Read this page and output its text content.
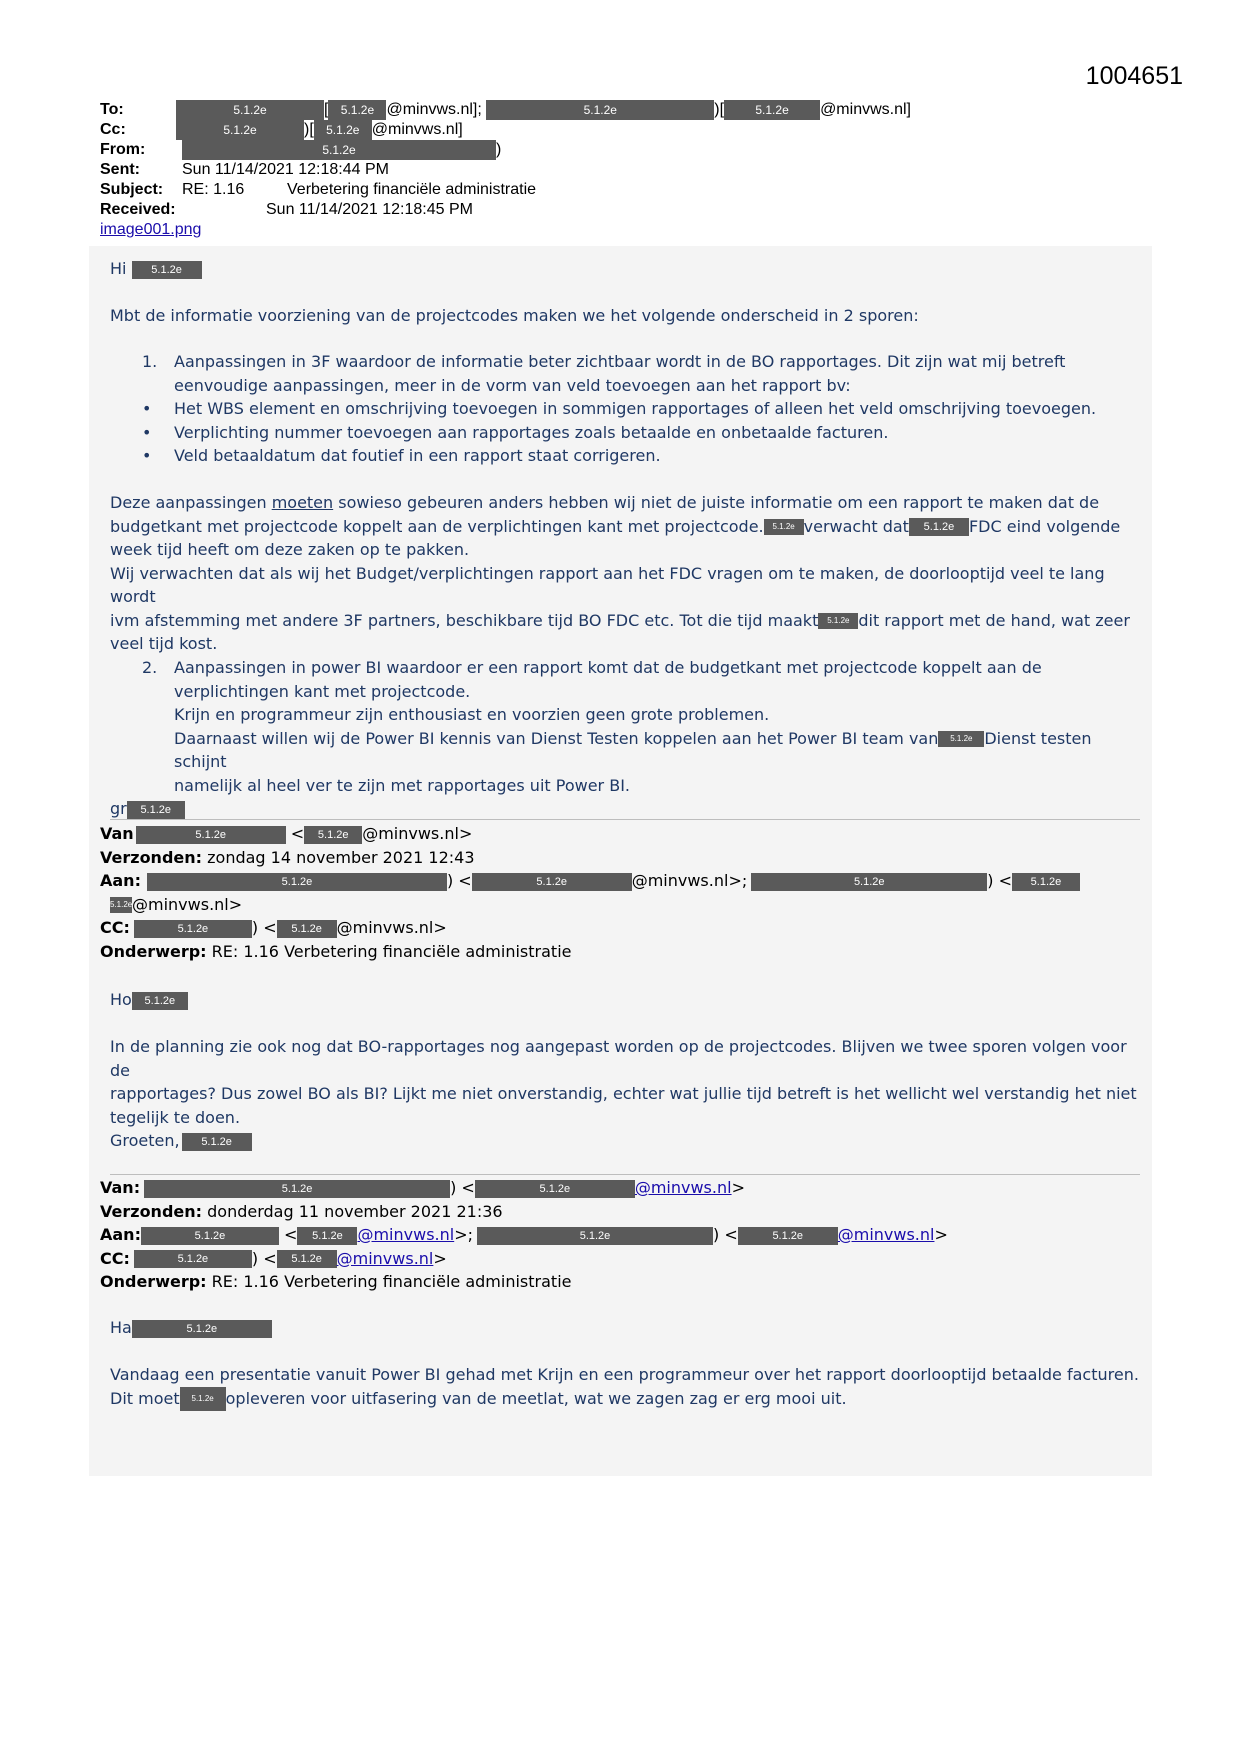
1004651
To:	5.1.2e	[ 5.1.2e @minvws.nl];	5.1.2e	)[	5.1.2e @minvws.nl]
Cc:	5.1.2e	)[ 5.1.2e @minvws.nl]
From:	5.1.2e	)
Sent:	Sun 11/14/2021 12:18:44 PM
Subject: RE: 1.16	Verbetering financiële administratie
Received:	Sun 11/14/2021 12:18:45 PM
image001.png
Hi 5.1.2e
Mbt de informatie voorziening van de projectcodes maken we het volgende onderscheid in 2 sporen:
1.	Aanpassingen in 3F waardoor de informatie beter zichtbaar wordt in de BO rapportages. Dit zijn wat mij betreft
eenvoudige aanpassingen, meer in de vorm van veld toevoegen aan het rapport bv:
• Het WBS element en omschrijving toevoegen in sommigen rapportages of alleen het veld omschrijving toevoegen.
• Verplichting nummer toevoegen aan rapportages zoals betaalde en onbetaalde facturen.
• Veld betaaldatum dat foutief in een rapport staat corrigeren.
Deze aanpassingen moeten sowieso gebeuren anders hebben wij niet de juiste informatie om een rapport te maken dat de
budgetkant met projectcode koppelt aan de verplichtingen kant met projectcode. 5.1.2e verwacht dat 5.1.2e FDC eind volgende
week tijd heeft om deze zaken op te pakken.
Wij verwachten dat als wij het Budget/verplichtingen rapport aan het FDC vragen om te maken, de doorlooptijd veel te lang wordt
ivm afstemming met andere 3F partners, beschikbare tijd BO FDC etc. Tot die tijd maakt 5.1.2e dit rapport met de hand, wat zeer
veel tijd kost.
2.	Aanpassingen in power BI waardoor er een rapport komt dat de budgetkant met projectcode koppelt aan de
verplichtingen kant met projectcode.
Krijn en programmeur zijn enthousiast en voorzien geen grote problemen.
Daarnaast willen wij de Power BI kennis van Dienst Testen koppelen aan het Power BI team van 5.1.2e Dienst testen schijnt
namelijk al heel ver te zijn met rapportages uit Power BI.
gr 5.1.2e
Van	5.1.2e	< 5.1.2e @minvws.nl>
Verzonden: zondag 14 november 2021 12:43
Aan:	5.1.2e	) <	5.1.2e	@minvws.nl>;	5.1.2e	) < 5.1.2e
5.1.2e@minvws.nl>
CC:	5.1.2e	) < 5.1.2e @minvws.nl>
Onderwerp: RE: 1.16 Verbetering financiële administratie
Ho 5.1.2e
In de planning zie ook nog dat BO-rapportages nog aangepast worden op de projectcodes. Blijven we twee sporen volgen voor de
rapportages? Dus zowel BO als BI? Lijkt me niet onverstandig, echter wat jullie tijd betreft is het wellicht wel verstandig het niet
tegelijk te doen.
Groeten, 5.1.2e
Van:	5.1.2e	) <	5.1.2e	@minvws.nl>
Verzonden: donderdag 11 november 2021 21:36
Aan:	5.1.2e	< 5.1.2e @minvws.nl>;	5.1.2e	) <	5.1.2e @minvws.nl>
CC:	5.1.2e	) < 5.1.2e @minvws.nl>
Onderwerp: RE: 1.16 Verbetering financiële administratie
Ha	5.1.2e
Vandaag een presentatie vanuit Power BI gehad met Krijn en een programmeur over het rapport doorlooptijd betaalde facturen.
Dit moet 5.1.2e opleveren voor uitfasering van de meetlat, wat we zagen zag er erg mooi uit.
